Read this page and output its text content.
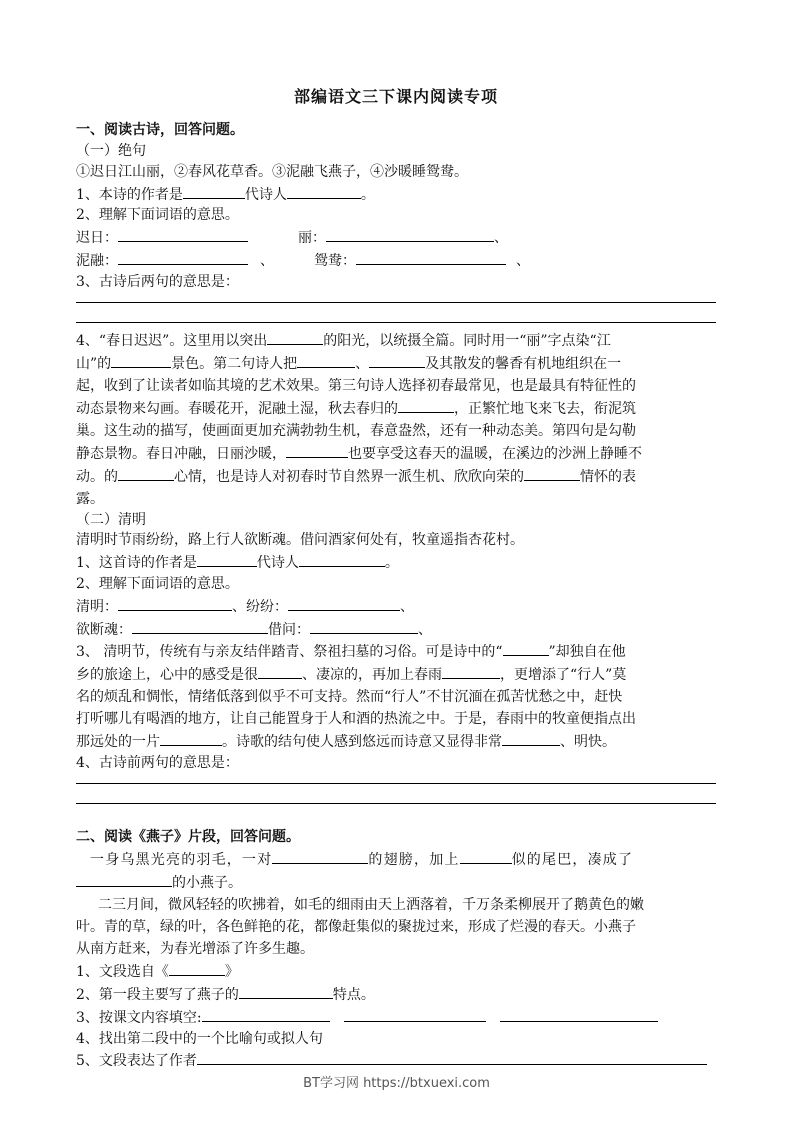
部编语文三下课内阅读专项
一、阅读古诗，回答问题。
（一）绝句
①迟日江山丽，②春风花草香。③泥融飞燕子，④沙暖睡鸳鸯。
1、本诗的作者是	代诗人	。
2、理解下面词语的意思。
迟日：	丽：	、
泥融：	、	鸳鸯：	、
3、古诗后两句的意思是：
4、“春日迟迟”。这里用以突出	的阳光，以统摄全篇。同时用一“丽”字点染“江
山”的	景色。第二句诗人把	、	及其散发的馨香有机地组织在一
起，收到了让读者如临其境的艺术效果。第三句诗人选择初春最常见，也是最具有特征性的
动态景物来勾画。春暖花开，泥融土湿，秋去春归的	，正繁忙地飞来飞去，衔泥筑
巢。这生动的描写，使画面更加充满勃勃生机，春意盎然，还有一种动态美。第四句是勾勒
静态景物。春日冲融，日丽沙暖，	也要享受这春天的温暖，在溪边的沙洲上静睡不
动。的	心情，也是诗人对初春时节自然界一派生机、欣欣向荣的	情怀的表
露。
（二）清明
清明时节雨纷纷，路上行人欲断魂。借问酒家何处有，牧童遥指杏花村。
1、这首诗的作者是	代诗人	。
2、理解下面词语的意思。
清明：	、纷纷：	、
欲断魂：	借问：	、
3、 清明节，传统有与亲友结伴踏青、祭祖扫墓的习俗。可是诗中的“	”却独自在他
乡的旅途上，心中的感受是很	、凄凉的，再加上春雨	，更增添了“行人”莫
名的烦乱和惆怅，情绪低落到似乎不可支持。然而“行人”不甘沉湎在孤苦忧愁之中，赶快
打听哪儿有喝酒的地方，让自己能置身于人和酒的热流之中。于是，春雨中的牧童便指点出
那远处的一片	。诗歌的结句使人感到悠远而诗意又显得非常	、明快。
4、古诗前两句的意思是：
二、阅读《燕子》片段，回答问题。
一身乌黑光亮的羽毛，一对	的翅膀，加上	似的尾巴，凑成了
的小燕子。
二三月间，微风轻轻的吹拂着，如毛的细雨由天上洒落着，千万条柔柳展开了鹅黄色的嫩
叶。青的草，绿的叶，各色鲜艳的花，都像赶集似的聚拢过来，形成了烂漫的春天。小燕子
从南方赶来，为春光增添了许多生趣。
1、文段选自《	》
2、第一段主要写了燕子的	特点。
3、按课文内容填空:
4、找出第二段中的一个比喻句或拟人句
5、文段表达了作者
BT学习网 https://btxuexi.com
